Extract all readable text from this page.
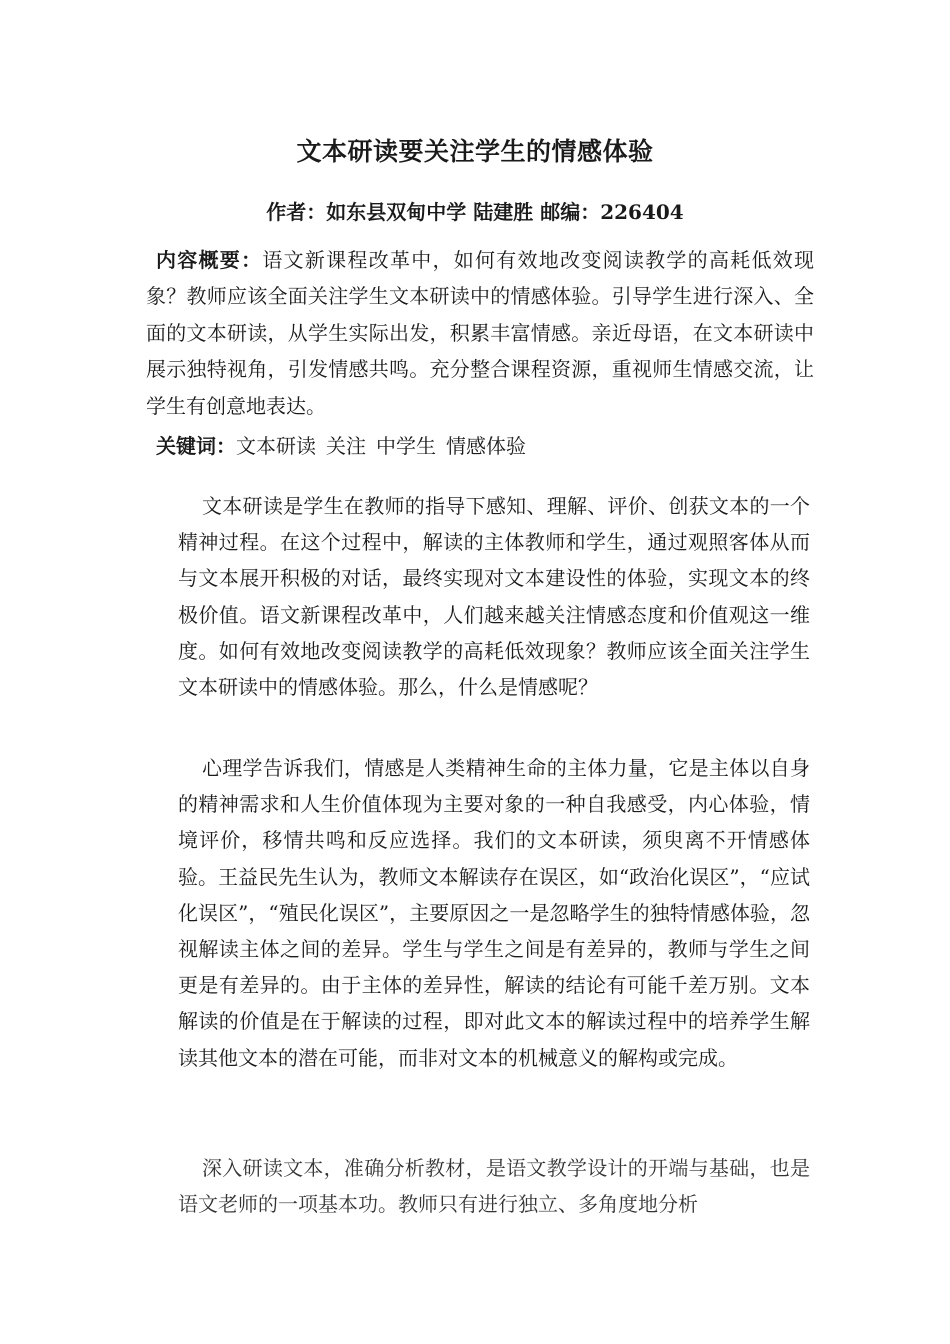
文本研读要关注学生的情感体验

作者：如东县双甸中学 陆建胜 邮编：226404

内容概要：语文新课程改革中，如何有效地改变阅读教学的高耗低效现象？教师应该全面关注学生文本研读中的情感体验。引导学生进行深入、全面的文本研读，从学生实际出发，积累丰富情感。亲近母语，在文本研读中展示独特视角，引发情感共鸣。充分整合课程资源，重视师生情感交流，让学生有创意地表达。

关键词：文本研读 关注 中学生 情感体验

文本研读是学生在教师的指导下感知、理解、评价、创获文本的一个精神过程。在这个过程中，解读的主体教师和学生，通过观照客体从而与文本展开积极的对话，最终实现对文本建设性的体验，实现文本的终极价值。语文新课程改革中，人们越来越关注情感态度和价值观这一维度。如何有效地改变阅读教学的高耗低效现象？教师应该全面关注学生文本研读中的情感体验。那么，什么是情感呢？

心理学告诉我们，情感是人类精神生命的主体力量，它是主体以自身的精神需求和人生价值体现为主要对象的一种自我感受，内心体验，情境评价，移情共鸣和反应选择。我们的文本研读，须臾离不开情感体验。王益民先生认为，教师文本解读存在误区，如“政治化误区”，“应试化误区”，“殖民化误区”，主要原因之一是忽略学生的独特情感体验，忽视解读主体之间的差异。学生与学生之间是有差异的，教师与学生之间更是有差异的。由于主体的差异性，解读的结论有可能千差万别。文本解读的价值是在于解读的过程，即对此文本的解读过程中的培养学生解读其他文本的潜在可能，而非对文本的机械意义的解构或完成。

深入研读文本，准确分析教材，是语文教学设计的开端与基础，也是语文老师的一项基本功。教师只有进行独立、多角度地分析
